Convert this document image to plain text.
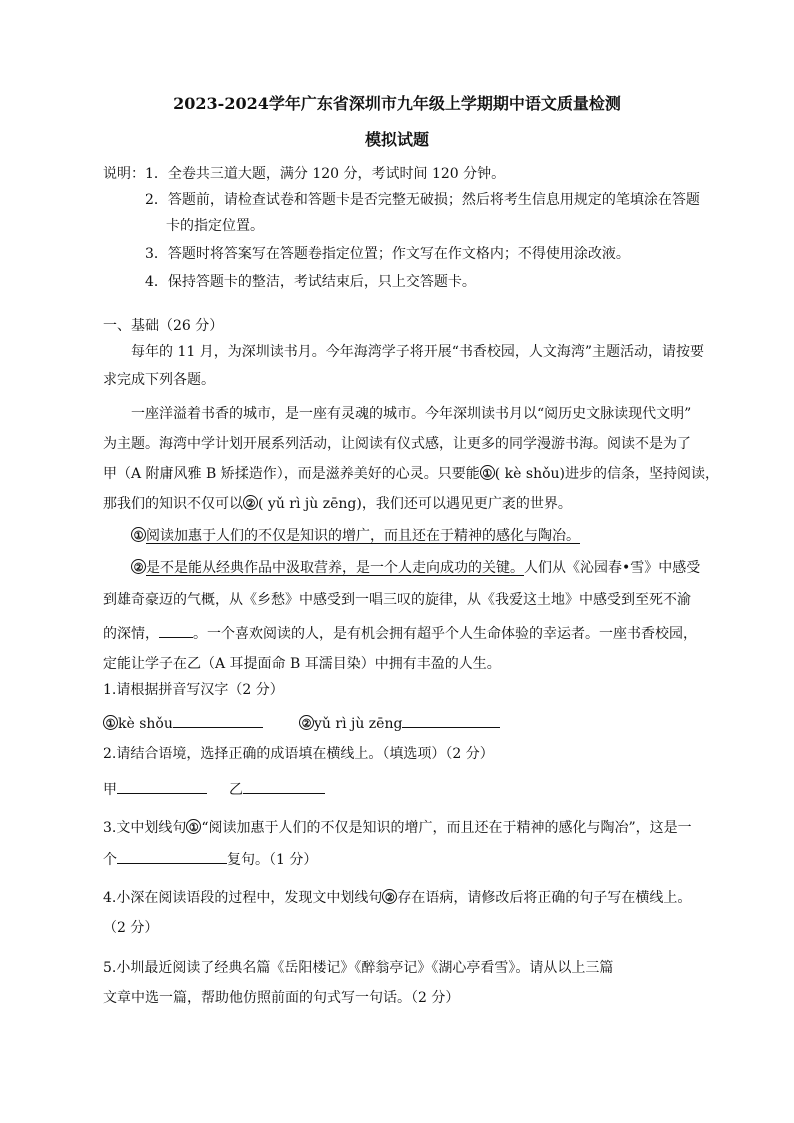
2023-2024学年广东省深圳市九年级上学期期中语文质量检测
模拟试题
说明：1．全卷共三道大题，满分 120 分，考试时间 120 分钟。
2．答题前，请检查试卷和答题卡是否完整无破损；然后将考生信息用规定的笔填涂在答题
卡的指定位置。
3．答题时将答案写在答题卷指定位置；作文写在作文格内；不得使用涂改液。
4．保持答题卡的整洁，考试结束后，只上交答题卡。
一、基础（26 分）
每年的 11 月，为深圳读书月。今年海湾学子将开展“书香校园，人文海湾”主题活动，请按要
求完成下列各题。
一座洋溢着书香的城市，是一座有灵魂的城市。今年深圳读书月以“阅历史文脉读现代文明”
为主题。海湾中学计划开展系列活动，让阅读有仪式感，让更多的同学漫游书海。阅读不是为了
甲（A 附庸风雅 B 矫揉造作），而是滋养美好的心灵。只要能 ① ( kè shǒu)进步的信条，坚持阅读，
那我们的知识不仅可以 ② ( yǔ rì jù zēng)，我们还可以遇见更广袤的世界。
① 阅读加惠于人们的不仅是知识的增广，而且还在于精神的感化与陶冶。
② 是不是能从经典作品中汲取营养，是一个人走向成功的关键。人们从《沁园春•雪》中感受
到雄奇豪迈的气概，从《乡愁》中感受到一唱三叹的旋律，从《我爱这土地》中感受到至死不渝
的深情， 。一个喜欢阅读的人，是有机会拥有超乎个人生命体验的幸运者。一座书香校园，
定能让学子在乙（A 耳提面命 B 耳濡目染）中拥有丰盈的人生。
1.请根据拼音写汉字（2 分）
① kè shǒu	② yǔ rì jù zēng
2.请结合语境，选择正确的成语填在横线上。（填选项）（2 分）
甲	乙
3.文中划线句 ① “阅读加惠于人们的不仅是知识的增广，而且还在于精神的感化与陶冶”，这是一
个	复句。（1 分）
4.小深在阅读语段的过程中，发现文中划线句 ② 存在语病，请修改后将正确的句子写在横线上。
（2 分）
5.小圳最近阅读了经典名篇《岳阳楼记》《醉翁亭记》《湖心亭看雪》。请从以上三篇
文章中选一篇，帮助他仿照前面的句式写一句话。（2 分）
